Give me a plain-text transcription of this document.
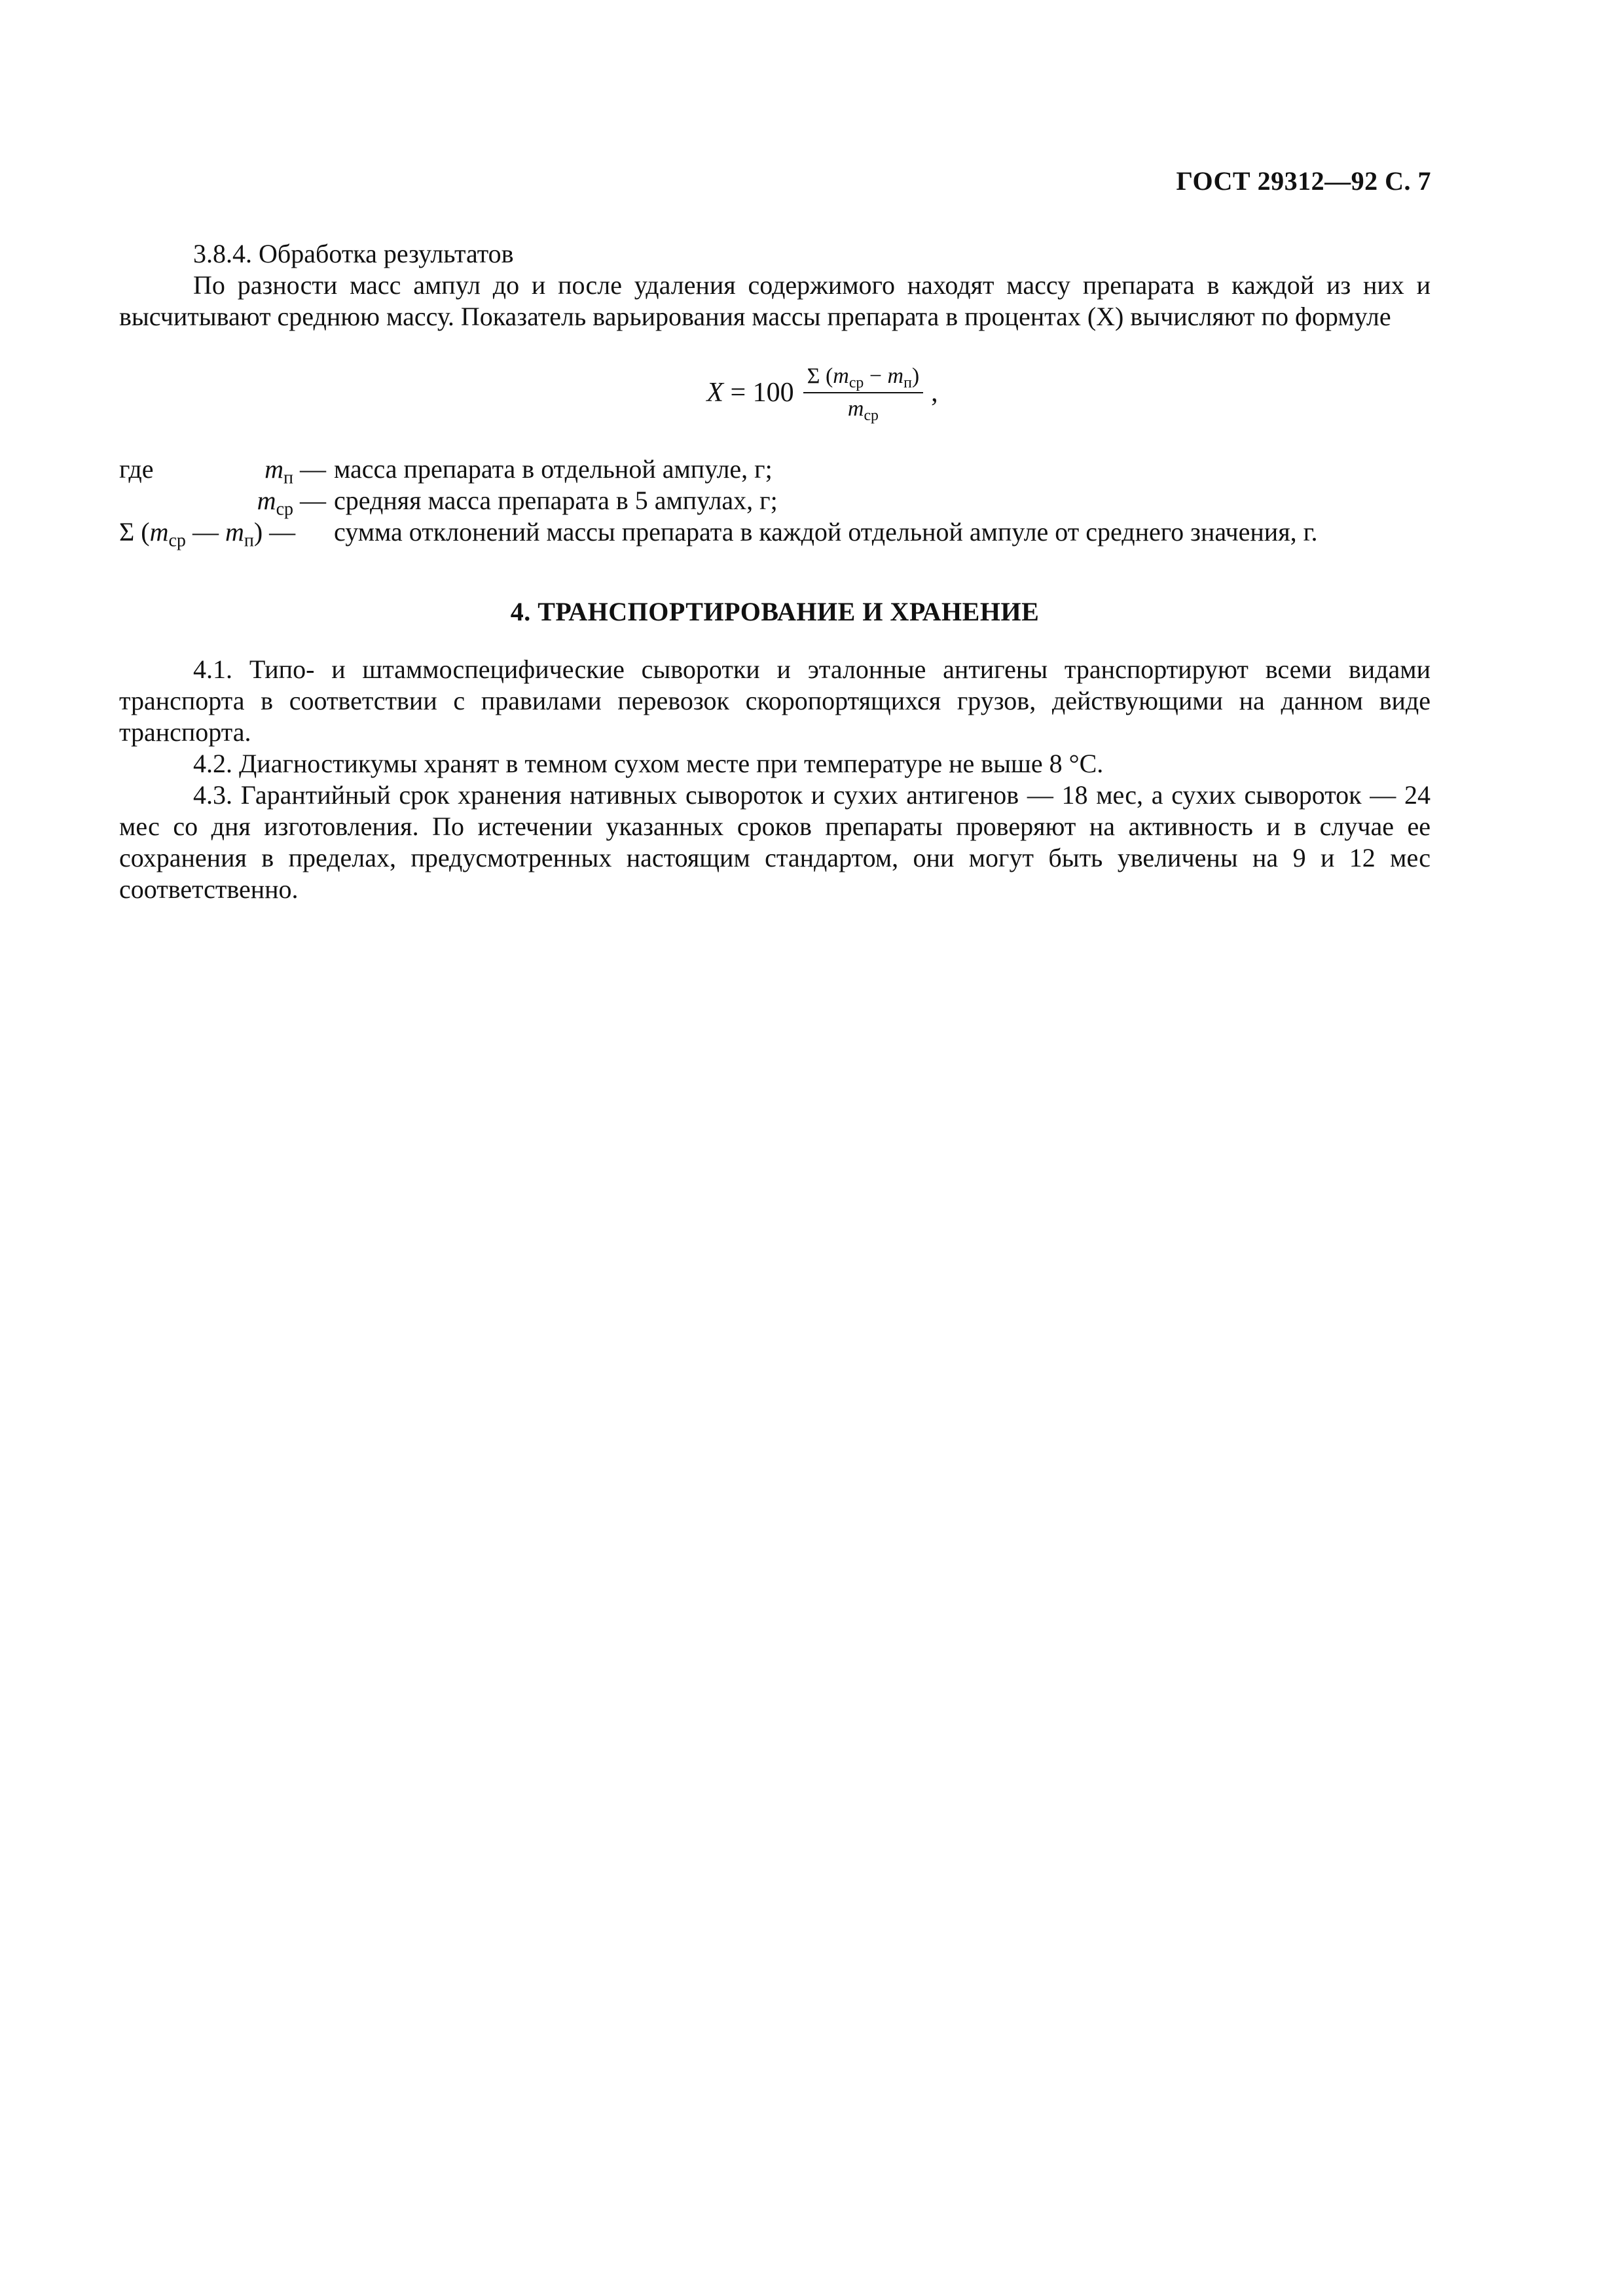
ГОСТ 29312—92 С. 7

3.8.4. Обработка результатов

По разности масс ампул до и после удаления содержимого находят массу препарата в каждой из них и высчитывают среднюю массу. Показатель варьирования массы препарата в процентах (X) вычисляют по формуле

$X = 100 \frac{\Sigma (m_{ср} - m_п)}{m_{ср}}$ ,
где	$m_п$ — масса препарата в отдельной ампуле, г;
$m_{ср}$ — средняя масса препарата в 5 ампулах, г;
Σ ($m_{ср}$ — $m_п$) —	сумма отклонений массы препарата в каждой отдельной ампуле от среднего значения, г.
4. ТРАНСПОРТИРОВАНИЕ И ХРАНЕНИЕ

4.1. Типо- и штаммоспецифические сыворотки и эталонные антигены транспортируют всеми видами транспорта в соответствии с правилами перевозок скоропортящихся грузов, действующими на данном виде транспорта.

4.2. Диагностикумы хранят в темном сухом месте при температуре не выше 8 °С.

4.3. Гарантийный срок хранения нативных сывороток и сухих антигенов — 18 мес, а сухих сывороток — 24 мес со дня изготовления. По истечении указанных сроков препараты проверяют на активность и в случае ее сохранения в пределах, предусмотренных настоящим стандартом, они могут быть увеличены на 9 и 12 мес соответственно.
